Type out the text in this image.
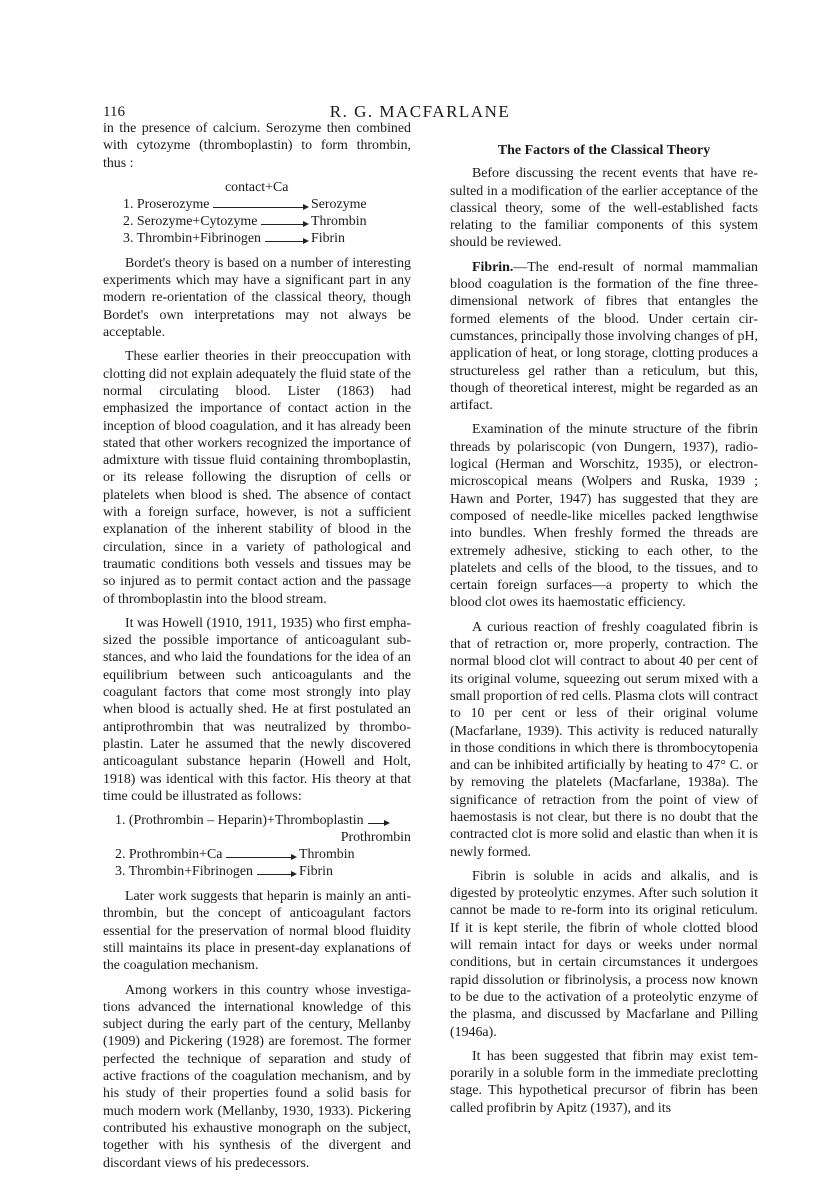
116	R. G. MACFARLANE

in the presence of calcium. Serozyme then combined with cytozyme (thromboplastin) to form thrombin, thus :

contact+Ca
1. Proserozyme	Serozyme
2. Serozyme+Cytozyme	Thrombin
3. Thrombin+Fibrinogen	Fibrin

Bordet's theory is based on a number of interesting experiments which may have a significant part in any modern re-orientation of the classical theory, though Bordet's own interpretations may not always be acceptable.

These earlier theories in their preoccupation with clotting did not explain adequately the fluid state of the normal circulating blood. Lister (1863) had emphasized the importance of contact action in the inception of blood coagulation, and it has already been stated that other workers recognized the importance of admixture with tissue fluid containing thromboplastin, or its release following the disruption of cells or platelets when blood is shed. The absence of contact with a foreign surface, however, is not a sufficient explanation of the inherent stability of blood in the circulation, since in a variety of pathological and traumatic conditions both vessels and tissues may be so injured as to permit contact action and the passage of thromboplastin into the blood stream.

It was Howell (1910, 1911, 1935) who first emphasized the possible importance of anticoagulant substances, and who laid the foundations for the idea of an equilibrium between such anticoagulants and the coagulant factors that come most strongly into play when blood is actually shed. He at first postulated an antiprothrombin that was neutralized by thromboplastin. Later he assumed that the newly discovered anticoagulant substance heparin (Howell and Holt, 1918) was identical with this factor. His theory at that time could be illustrated as follows:

1. (Prothrombin – Heparin)+Thromboplastin
Prothrombin
2. Prothrombin+Ca	Thrombin
3. Thrombin+Fibrinogen	Fibrin

Later work suggests that heparin is mainly an antithrombin, but the concept of anticoagulant factors essential for the preservation of normal blood fluidity still maintains its place in present-day explanations of the coagulation mechanism.

Among workers in this country whose investigations advanced the international knowledge of this subject during the early part of the century, Mellanby (1909) and Pickering (1928) are foremost. The former perfected the technique of separation and study of active fractions of the coagulation mechanism, and by his study of their properties found a solid basis for much modern work (Mellanby, 1930, 1933). Pickering contributed his exhaustive monograph on the subject, together with his synthesis of the divergent and discordant views of his predecessors.

The Factors of the Classical Theory

Before discussing the recent events that have resulted in a modification of the earlier acceptance of the classical theory, some of the well-established facts relating to the familiar components of this system should be reviewed.

Fibrin.—The end-result of normal mammalian blood coagulation is the formation of the fine three-dimensional network of fibres that entangles the formed elements of the blood. Under certain circumstances, principally those involving changes of pH, application of heat, or long storage, clotting produces a structureless gel rather than a reticulum, but this, though of theoretical interest, might be regarded as an artifact.

Examination of the minute structure of the fibrin threads by polariscopic (von Dungern, 1937), radiological (Herman and Worschitz, 1935), or electron-microscopical means (Wolpers and Ruska, 1939 ; Hawn and Porter, 1947) has suggested that they are composed of needle-like micelles packed lengthwise into bundles. When freshly formed the threads are extremely adhesive, sticking to each other, to the platelets and cells of the blood, to the tissues, and to certain foreign surfaces—a property to which the blood clot owes its haemostatic efficiency.

A curious reaction of freshly coagulated fibrin is that of retraction or, more properly, contraction. The normal blood clot will contract to about 40 per cent of its original volume, squeezing out serum mixed with a small proportion of red cells. Plasma clots will contract to 10 per cent or less of their original volume (Macfarlane, 1939). This activity is reduced naturally in those conditions in which there is thrombocytopenia and can be inhibited artificially by heating to 47° C. or by removing the platelets (Macfarlane, 1938a). The significance of retraction from the point of view of haemostasis is not clear, but there is no doubt that the contracted clot is more solid and elastic than when it is newly formed.

Fibrin is soluble in acids and alkalis, and is digested by proteolytic enzymes. After such solution it cannot be made to re-form into its original reticulum. If it is kept sterile, the fibrin of whole clotted blood will remain intact for days or weeks under normal conditions, but in certain circumstances it undergoes rapid dissolution or fibrinolysis, a process now known to be due to the activation of a proteolytic enzyme of the plasma, and discussed by Macfarlane and Pilling (1946a).

It has been suggested that fibrin may exist temporarily in a soluble form in the immediate preclotting stage. This hypothetical precursor of fibrin has been called profibrin by Apitz (1937), and its
